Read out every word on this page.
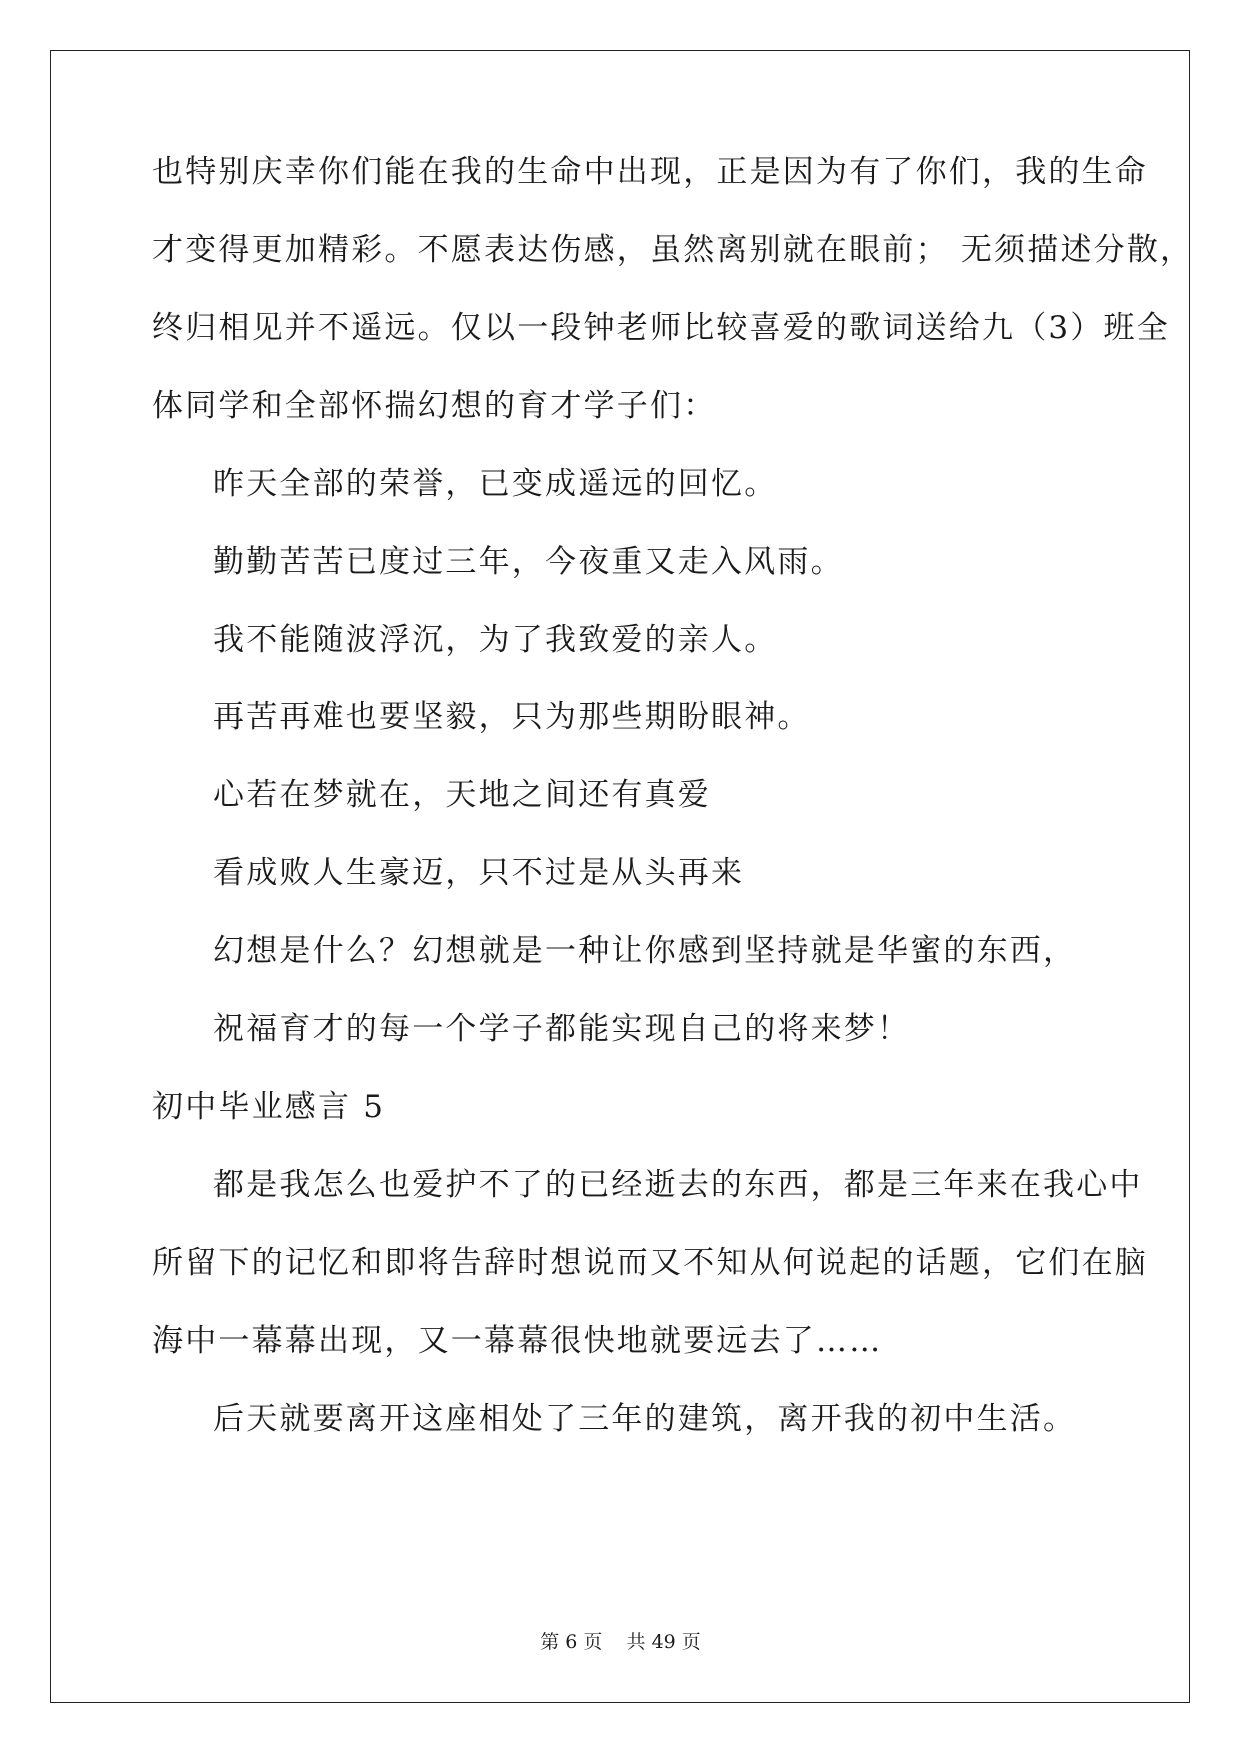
也特别庆幸你们能在我的生命中出现，正是因为有了你们，我的生命
才变得更加精彩。不愿表达伤感，虽然离别就在眼前； 无须描述分散，
终归相见并不遥远。仅以一段钟老师比较喜爱的歌词送给九（3）班全
体同学和全部怀揣幻想的育才学子们：
昨天全部的荣誉，已变成遥远的回忆。
勤勤苦苦已度过三年，今夜重又走入风雨。
我不能随波浮沉，为了我致爱的亲人。
再苦再难也要坚毅，只为那些期盼眼神。
心若在梦就在，天地之间还有真爱
看成败人生豪迈，只不过是从头再来
幻想是什么？幻想就是一种让你感到坚持就是华蜜的东西，
祝福育才的每一个学子都能实现自己的将来梦！
初中毕业感言 5
都是我怎么也爱护不了的已经逝去的东西，都是三年来在我心中
所留下的记忆和即将告辞时想说而又不知从何说起的话题，它们在脑
海中一幕幕出现，又一幕幕很快地就要远去了……
后天就要离开这座相处了三年的建筑，离开我的初中生活。
第 6 页    共 49 页
